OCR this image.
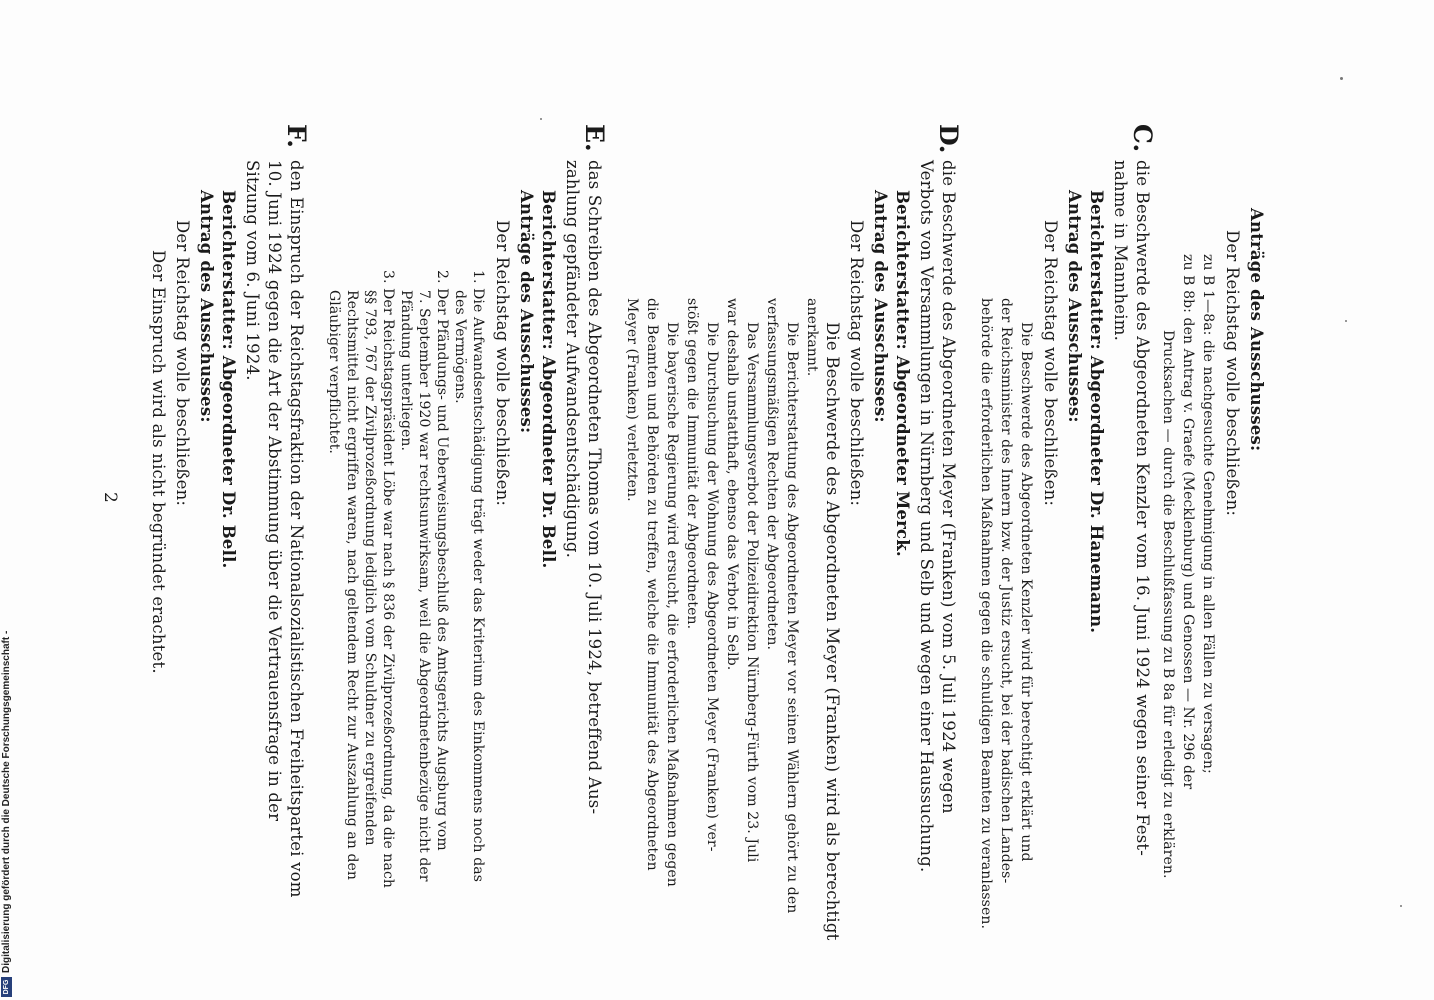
2
Anträge des Ausschusses:
Der Reichstag wolle beschließen:
zu B 1—8a: die nachgesuchte Genehmigung in allen Fällen zu versagen;
zu B 8b: den Antrag v. Graefe (Mecklenburg) und Genossen — Nr. 296 der
Drucksachen — durch die Beschlußfassung zu B 8a für erledigt zu erklären.
die Beschwerde des Abgeordneten Kenzler vom 16. Juni 1924 wegen seiner Fest-
nahme in Mannheim.
Berichterstatter: Abgeordneter Dr. Hanemann.
Antrag des Ausschusses:
Der Reichstag wolle beschließen:
Die Beschwerde des Abgeordneten Kenzler wird für berechtigt erklärt und
der Reichsminister des Innern bzw. der Justiz ersucht, bei der badischen Landes-
behörde die erforderlichen Maßnahmen gegen die schuldigen Beamten zu veranlassen.
die Beschwerde des Abgeordneten Meyer (Franken) vom 5. Juli 1924 wegen
Verbots von Versammlungen in Nürnberg und Selb und wegen einer Haussuchung.
Berichterstatter: Abgeordneter Merck.
Antrag des Ausschusses:
Der Reichstag wolle beschließen:
Die Beschwerde des Abgeordneten Meyer (Franken) wird als berechtigt
anerkannt.
Die Berichterstattung des Abgeordneten Meyer vor seinen Wählern gehört zu den
verfassungsmäßigen Rechten der Abgeordneten.
Das Versammlungsverbot der Polizeidirektion Nürnberg-Fürth vom 23. Juli
war deshalb unstatthaft, ebenso das Verbot in Selb.
Die Durchsuchung der Wohnung des Abgeordneten Meyer (Franken) ver-
stößt gegen die Immunität der Abgeordneten.
Die bayerische Regierung wird ersucht, die erforderlichen Maßnahmen gegen
die Beamten und Behörden zu treffen, welche die Immunität des Abgeordneten
Meyer (Franken) verletzten.
das Schreiben des Abgeordneten Thomas vom 10. Juli 1924, betreffend Aus-
zahlung gepfändeter Aufwandsentschädigung.
Berichterstatter: Abgeordneter Dr. Bell.
Anträge des Ausschusses:
Der Reichstag wolle beschließen:
1. Die Aufwandsentschädigung trägt weder das Kriterium des Einkommens noch das
des Vermögens.
2. Der Pfändungs- und Ueberweisungsbeschluß des Amtsgerichts Augsburg vom
7. September 1920 war rechtsunwirksam, weil die Abgeordnetenbezüge nicht der
Pfändung unterliegen.
3. Der Reichstagspräsident Löbe war nach § 836 der Zivilprozeßordnung, da die nach
§§ 793, 767 der Zivilprozeßordnung lediglich vom Schuldner zu ergreifenden
Rechtsmittel nicht ergriffen waren, nach geltendem Recht zur Auszahlung an den
Gläubiger verpflichtet.
den Einspruch der Reichstagsfraktion der Nationalsozialistischen Freiheitspartei vom
10. Juni 1924 gegen die Art der Abstimmung über die Vertrauensfrage in der
Sitzung vom 6. Juni 1924.
Berichterstatter: Abgeordneter Dr. Bell.
Antrag des Ausschusses:
Der Reichstag wolle beschließen:
Der Einspruch wird als nicht begründet erachtet.
C.
D.
E.
F.
DFGDigitalisierung gefördert durch die Deutsche Forschungsgemeinschaft -
